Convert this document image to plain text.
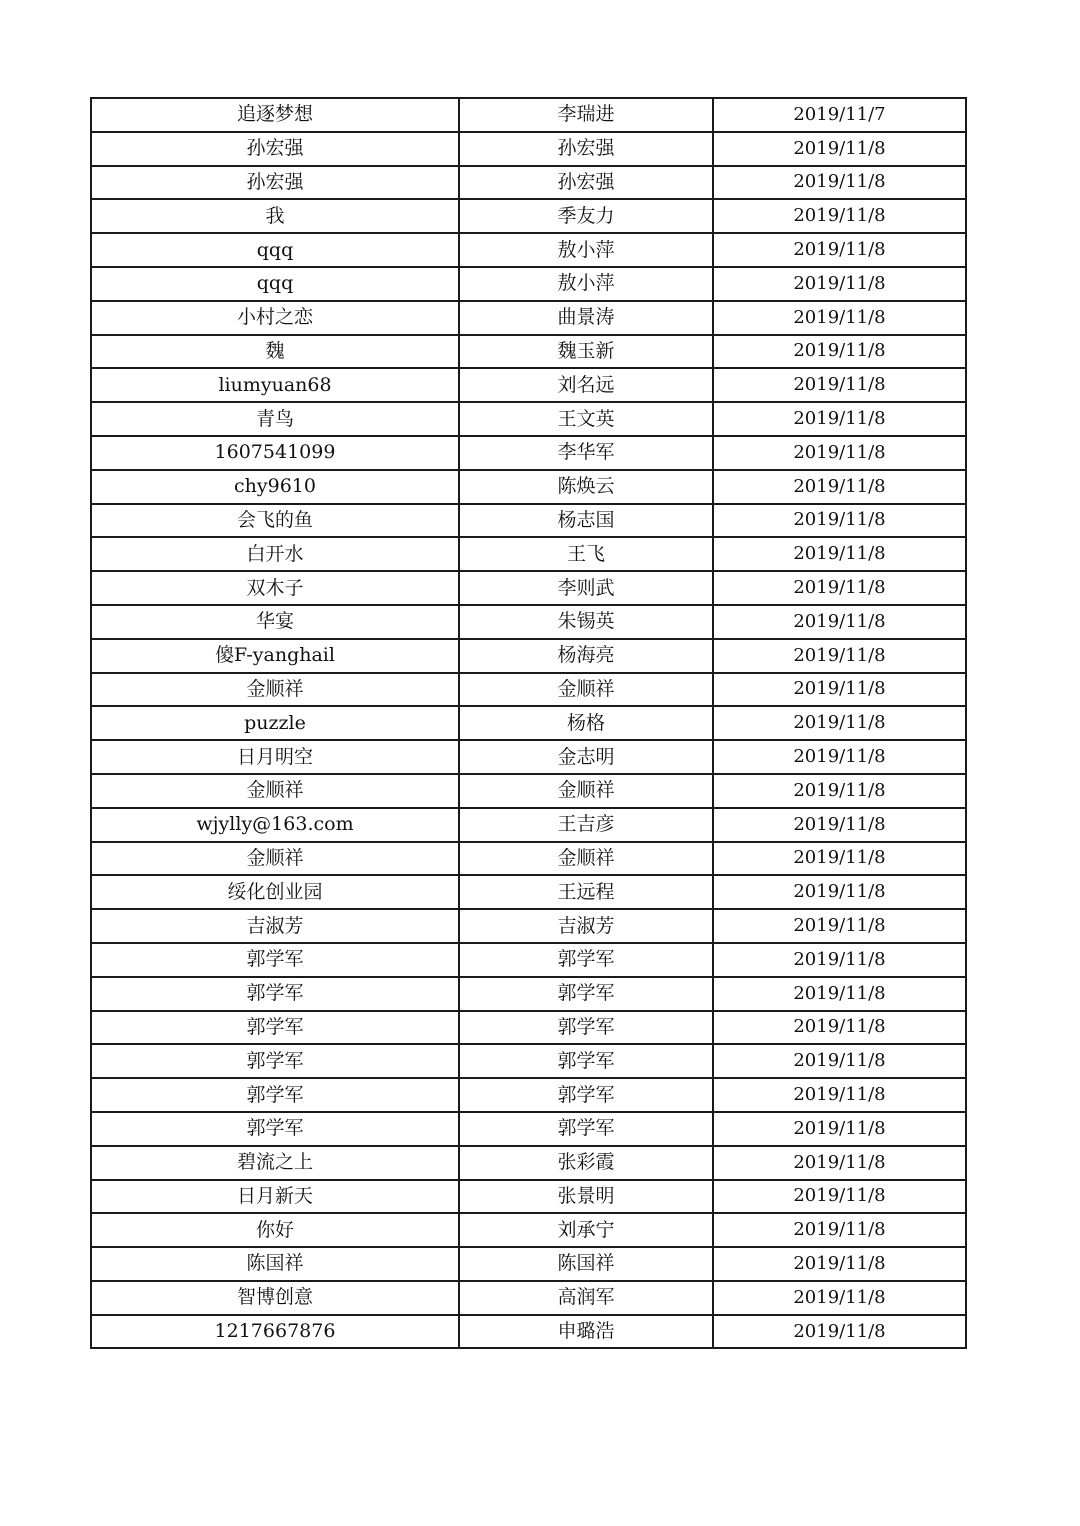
追逐梦想	李瑞进	2019/11/7
孙宏强	孙宏强	2019/11/8
孙宏强	孙宏强	2019/11/8
我	季友力	2019/11/8
qqq	敖小萍	2019/11/8
qqq	敖小萍	2019/11/8
小村之恋	曲景涛	2019/11/8
魏	魏玉新	2019/11/8
liumyuan68	刘名远	2019/11/8
青鸟	王文英	2019/11/8
1607541099	李华军	2019/11/8
chy9610	陈焕云	2019/11/8
会飞的鱼	杨志国	2019/11/8
白开水	王飞	2019/11/8
双木子	李则武	2019/11/8
华宴	朱锡英	2019/11/8
傻F-yanghail	杨海亮	2019/11/8
金顺祥	金顺祥	2019/11/8
puzzle	杨格	2019/11/8
日月明空	金志明	2019/11/8
金顺祥	金顺祥	2019/11/8
wjylly@163.com	王吉彦	2019/11/8
金顺祥	金顺祥	2019/11/8
绥化创业园	王远程	2019/11/8
吉淑芳	吉淑芳	2019/11/8
郭学军	郭学军	2019/11/8
郭学军	郭学军	2019/11/8
郭学军	郭学军	2019/11/8
郭学军	郭学军	2019/11/8
郭学军	郭学军	2019/11/8
郭学军	郭学军	2019/11/8
碧流之上	张彩霞	2019/11/8
日月新天	张景明	2019/11/8
你好	刘承宁	2019/11/8
陈国祥	陈国祥	2019/11/8
智博创意	高润军	2019/11/8
1217667876	申璐浩	2019/11/8
